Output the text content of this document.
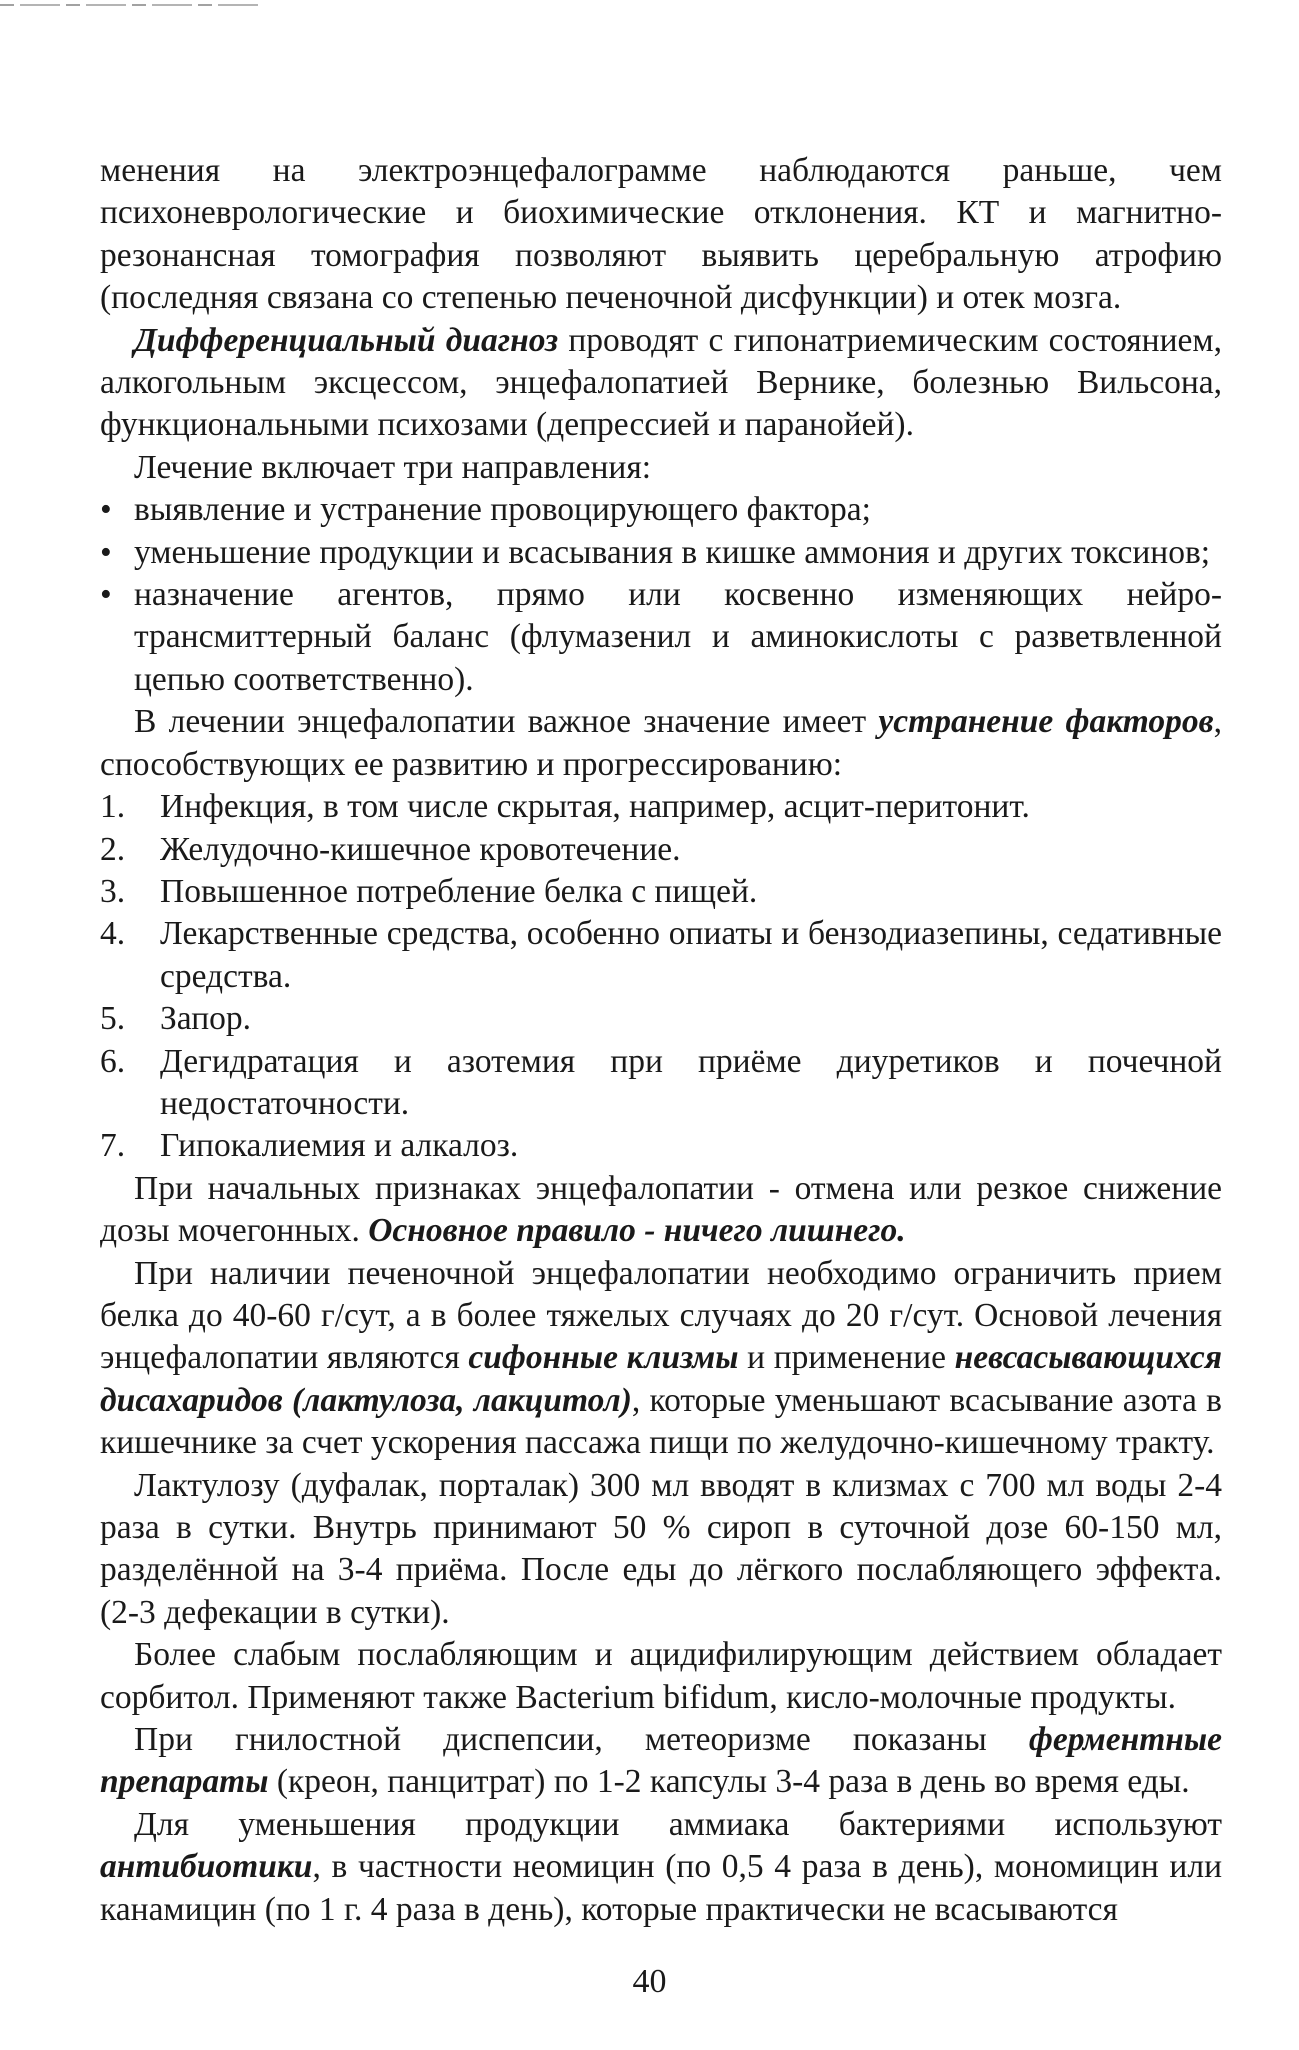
менения на электроэнцефалограмме наблюдаются раньше, чем психоневрологические и биохимические отклонения. КТ и магнитно-резонансная томография позволяют выявить церебральную атрофию (последняя связана со степенью печеночной дисфункции) и отек мозга.

Дифференциальный диагноз проводят с гипонатриемическим состоянием, алкогольным эксцессом, энцефалопатией Вернике, болезнью Вильсона, функциональными психозами (депрессией и паранойей).

Лечение включает три направления:

• выявление и устранение провоцирующего фактора;
• уменьшение продукции и всасывания в кишке аммония и других токсинов;
• назначение агентов, прямо или косвенно изменяющих нейро-трансмиттерный баланс (флумазенил и аминокислоты с разветвленной цепью соответственно).

В лечении энцефалопатии важное значение имеет устранение факторов, способствующих ее развитию и прогрессированию:

1. Инфекция, в том числе скрытая, например, асцит-перитонит.
2. Желудочно-кишечное кровотечение.
3. Повышенное потребление белка с пищей.
4. Лекарственные средства, особенно опиаты и бензодиазепины, седативные средства.
5. Запор.
6. Дегидратация и азотемия при приёме диуретиков и почечной недостаточности.
7. Гипокалиемия и алкалоз.

При начальных признаках энцефалопатии - отмена или резкое снижение дозы мочегонных. Основное правило - ничего лишнего.

При наличии печеночной энцефалопатии необходимо ограничить прием белка до 40-60 г/сут, а в более тяжелых случаях до 20 г/сут. Основой лечения энцефалопатии являются сифонные клизмы и применение невсасывающихся дисахаридов (лактулоза, лакцитол), которые уменьшают всасывание азота в кишечнике за счет ускорения пассажа пищи по желудочно-кишечному тракту.

Лактулозу (дуфалак, порталак) 300 мл вводят в клизмах с 700 мл воды 2-4 раза в сутки. Внутрь принимают 50 % сироп в суточной дозе 60-150 мл, разделённой на 3-4 приёма. После еды до лёгкого послабляющего эффекта. (2-3 дефекации в сутки).

Более слабым послабляющим и ацидифилирующим действием обладает сорбитол. Применяют также Bacterium bifidum, кисло-молочные продукты.

При гнилостной диспепсии, метеоризме показаны ферментные препараты (креон, панцитрат) по 1-2 капсулы 3-4 раза в день во время еды.

Для уменьшения продукции аммиака бактериями используют антибиотики, в частности неомицин (по 0,5 4 раза в день), мономицин или канамицин (по 1 г. 4 раза в день), которые практически не всасываются

40
